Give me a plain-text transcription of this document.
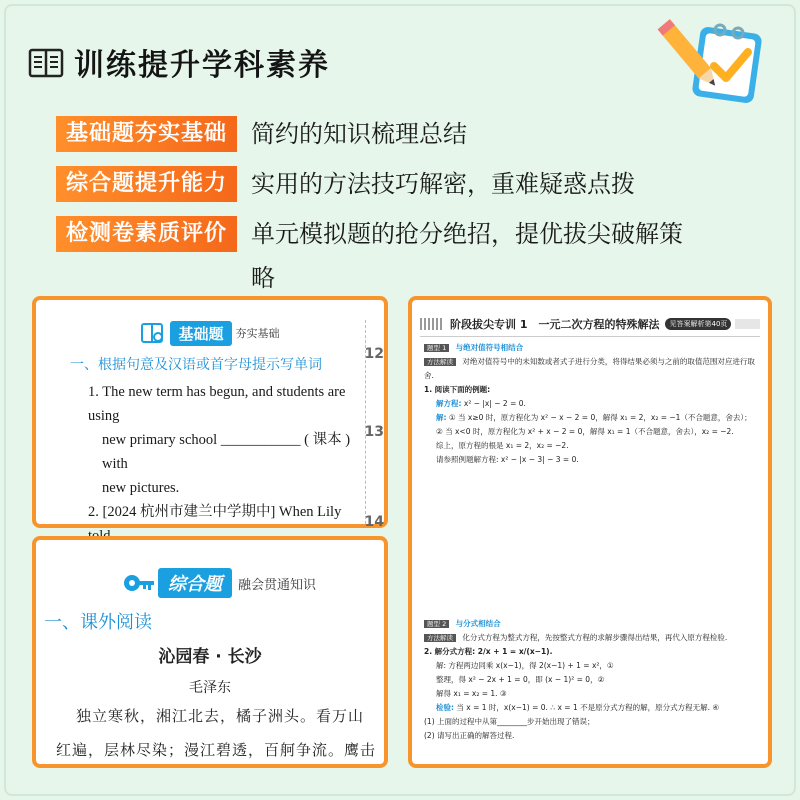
训练提升学科素养
基础题夯实基础	简约的知识梳理总结
综合题提升能力	实用的方法技巧解密，重难疑惑点拨
检测卷素质评价	单元模拟题的抢分绝招，提优拔尖破解策略
12
13
14
基础题	夯实基础
一、根据句意及汉语或首字母提示写单词
1. The new term has begun, and students are using
new primary school ___________ ( 课本 ) with
new pictures.
2. [2024 杭州市建兰中学期中] When Lily
综合题	融会贯通知识
一、课外阅读
沁园春 · 长沙
毛泽东
独立寒秋，湘江北去，橘子洲头。看万山
红遍，层林尽染；漫江碧透，百舸争流。鹰击
阶段拔尖专训 1　一元二次方程的特殊解法	见答案解析第40页
题型 1 与绝对值符号相结合
方法解读 对绝对值符号中的未知数或者式子进行分类，将得结果必须与之前的取值范围对应进行取舍.
1. 阅读下面的例题:
解方程: x² − |x| − 2 = 0.
解: ① 当 x≥0 时，原方程化为 x² − x − 2 = 0，解得 x₁ = 2，x₂ = −1（不合题意，舍去）；
② 当 x<0 时，原方程化为 x² + x − 2 = 0，解得 x₁ = 1（不合题意，舍去），x₂ = −2.
综上，原方程的根是 x₁ = 2，x₂ = −2.
请参照例题解方程: x² − |x − 3| − 3 = 0.
题型 2 与分式相结合
方法解读 化分式方程为整式方程，先按整式方程的求解步骤得出结果，再代入原方程检验.
2. 解分式方程: 2/x + 1 = x/(x−1).
解: 方程两边同乘 x(x−1)，得 2(x−1) + 1 = x²，①
整理，得 x² − 2x + 1 = 0，即 (x − 1)² = 0，②
解得 x₁ = x₂ = 1. ③
检验: 当 x = 1 时，x(x−1) = 0. ∴ x = 1 不是原分式方程的解，原分式方程无解. ④
(1) 上面的过程中从第________步开始出现了错误；
(2) 请写出正确的解答过程.
